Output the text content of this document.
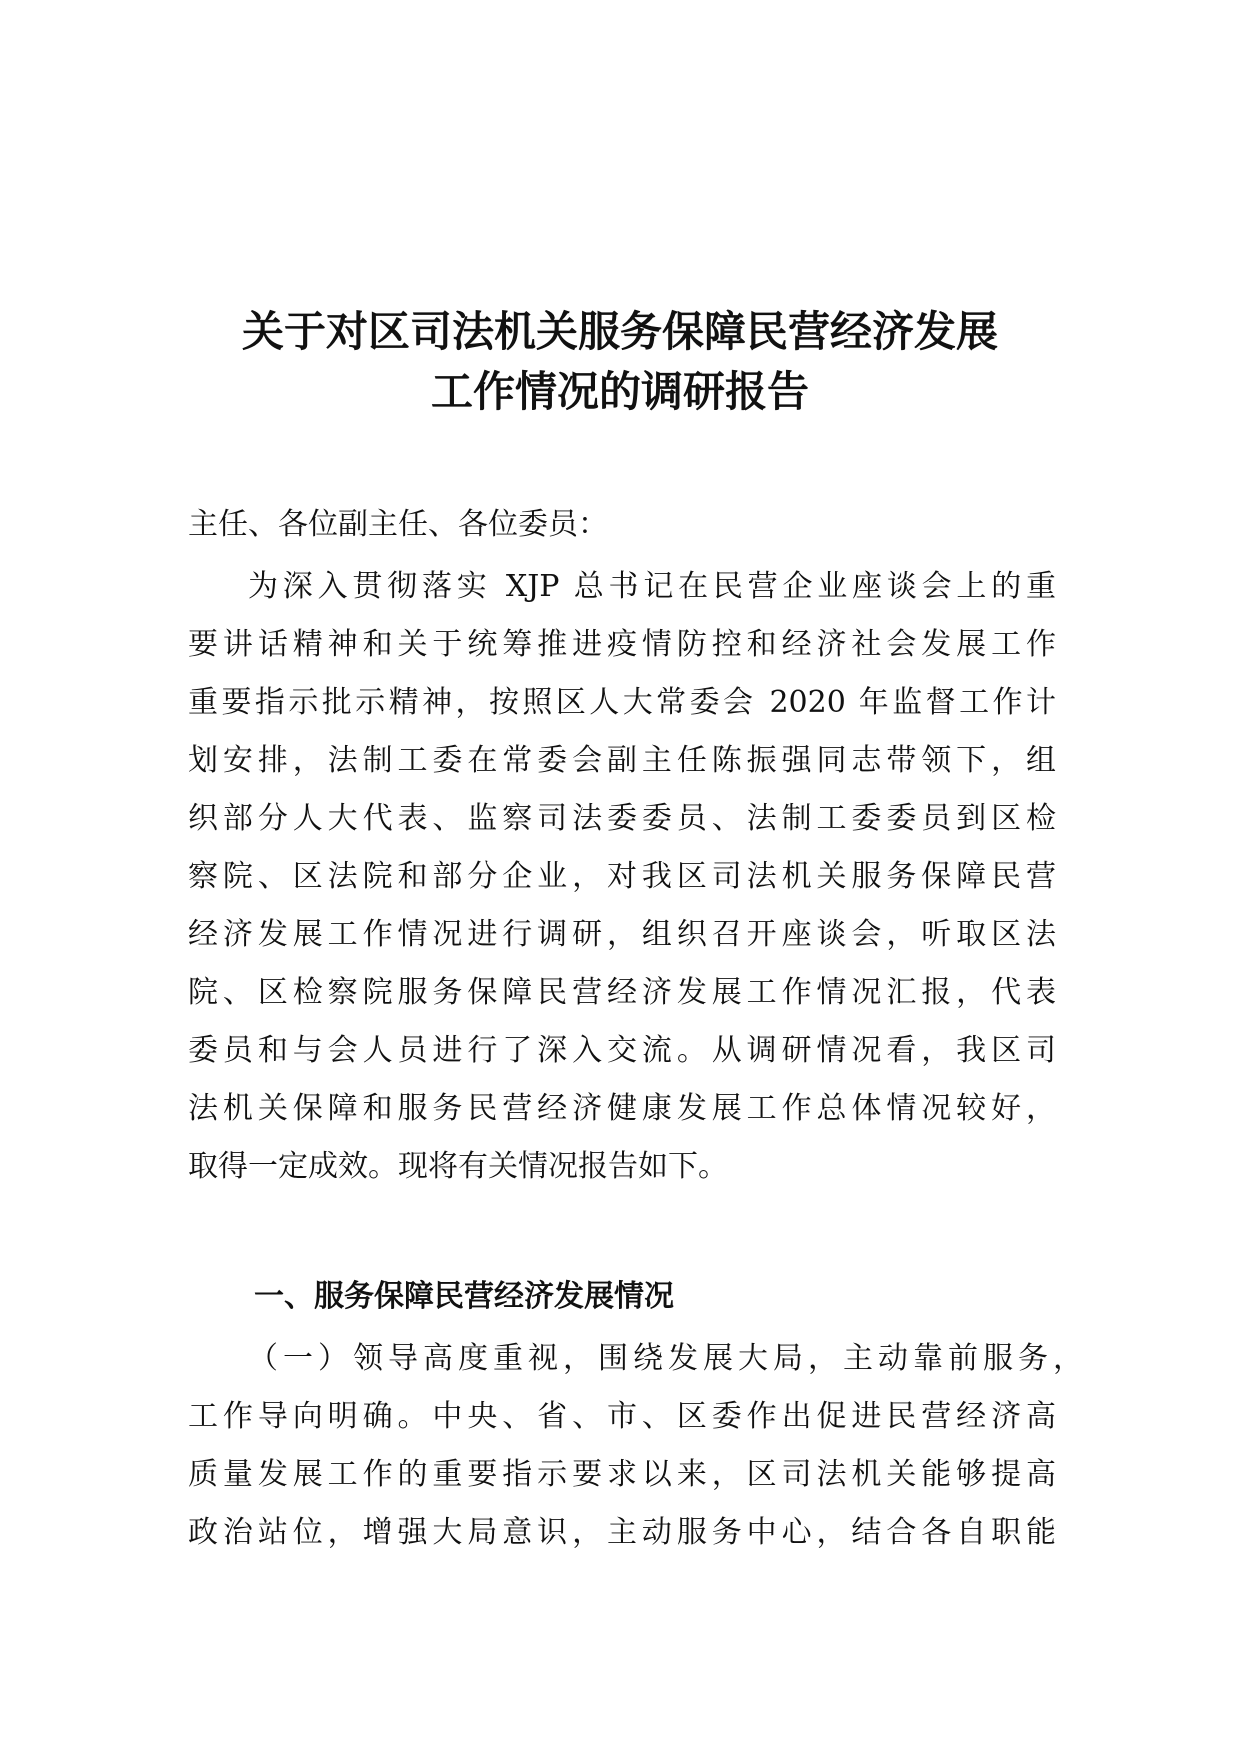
关于对区司法机关服务保障民营经济发展
工作情况的调研报告

主任、各位副主任、各位委员：

为深入贯彻落实 XJP 总书记在民营企业座谈会上的重

要讲话精神和关于统筹推进疫情防控和经济社会发展工作

重要指示批示精神，按照区人大常委会 2020 年监督工作计

划安排，法制工委在常委会副主任陈振强同志带领下，组

织部分人大代表、监察司法委委员、法制工委委员到区检

察院、区法院和部分企业，对我区司法机关服务保障民营

经济发展工作情况进行调研，组织召开座谈会，听取区法

院、区检察院服务保障民营经济发展工作情况汇报，代表

委员和与会人员进行了深入交流。从调研情况看，我区司

法机关保障和服务民营经济健康发展工作总体情况较好，

取得一定成效。现将有关情况报告如下。

一、服务保障民营经济发展情况

（一）领导高度重视，围绕发展大局，主动靠前服务，

工作导向明确。中央、省、市、区委作出促进民营经济高

质量发展工作的重要指示要求以来，区司法机关能够提高

政治站位，增强大局意识，主动服务中心，结合各自职能
